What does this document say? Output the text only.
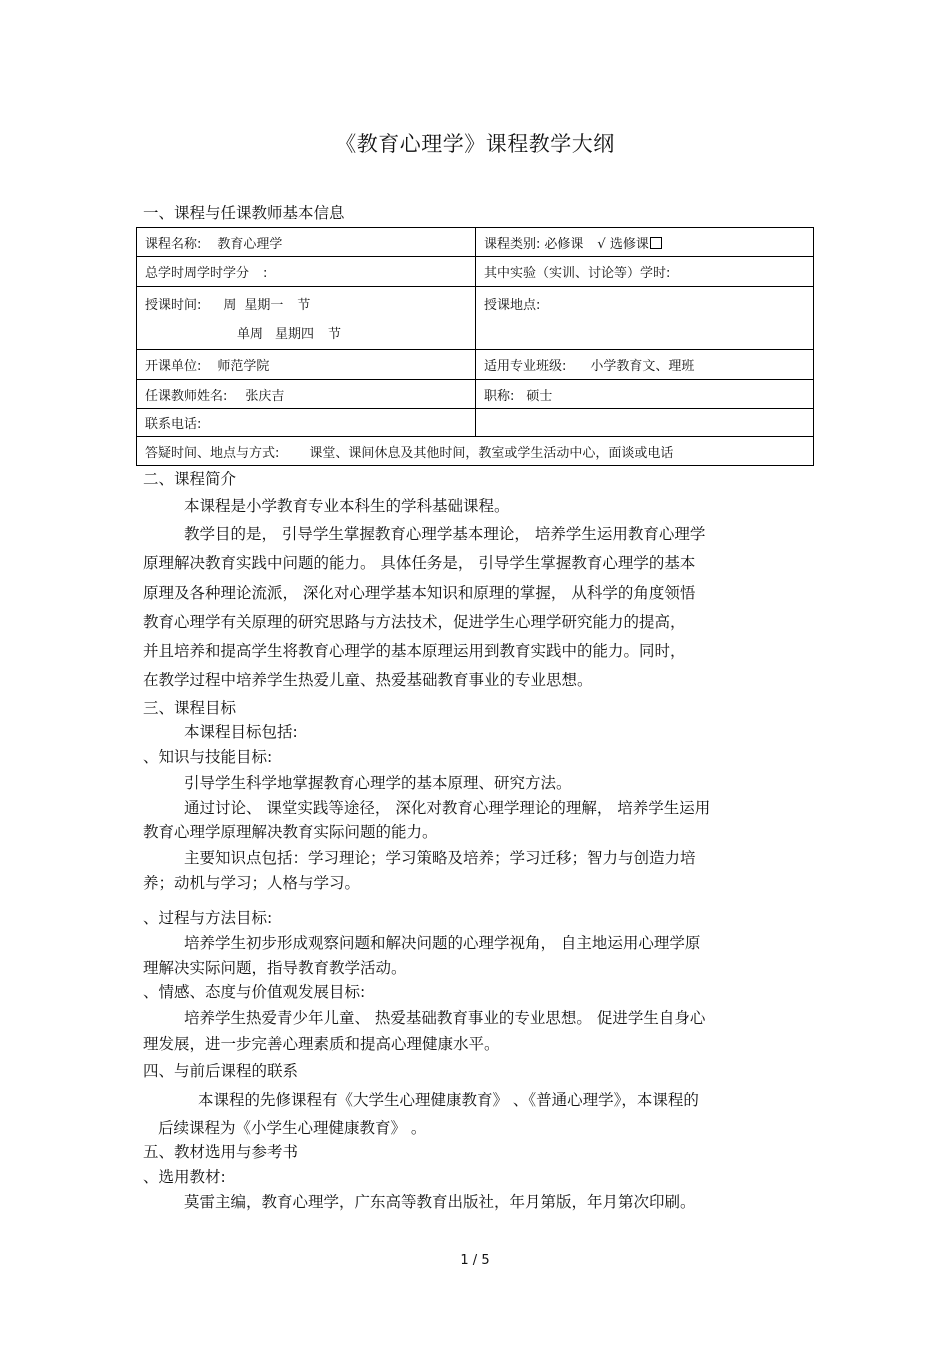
《教育心理学》课程教学大纲
一、课程与任课教师基本信息
课程名称: 教育心理学	课程类别: 必修课 √ 选修课
总学时周学时学分 :	其中实验（实训、讨论等）学时:

授课时间: 周 星期一 节
单周 星期四 节	授课地点:
开课单位: 师范学院	适用专业班级: 小学教育文、理班
任课教师姓名: 张庆吉	职称: 硕士
联系电话:	
答疑时间、地点与方式: 课堂、课间休息及其他时间，教室或学生活动中心，面谈或电话	
二、课程简介
本课程是小学教育专业本科生的学科基础课程。
教学目的是， 引导学生掌握教育心理学基本理论， 培养学生运用教育心理学
原理解决教育实践中问题的能力。 具体任务是， 引导学生掌握教育心理学的基本
原理及各种理论流派， 深化对心理学基本知识和原理的掌握， 从科学的角度领悟
教育心理学有关原理的研究思路与方法技术，促进学生心理学研究能力的提高，
并且培养和提高学生将教育心理学的基本原理运用到教育实践中的能力。同时，
在教学过程中培养学生热爱儿童、热爱基础教育事业的专业思想。
三、课程目标
本课程目标包括:
、知识与技能目标:
引导学生科学地掌握教育心理学的基本原理、研究方法。
通过讨论、 课堂实践等途径， 深化对教育心理学理论的理解， 培养学生运用
教育心理学原理解决教育实际问题的能力。
主要知识点包括：学习理论；学习策略及培养；学习迁移；智力与创造力培
养；动机与学习；人格与学习。
、过程与方法目标:
培养学生初步形成观察问题和解决问题的心理学视角， 自主地运用心理学原
理解决实际问题，指导教育教学活动。
、情感、态度与价值观发展目标:
培养学生热爱青少年儿童、 热爱基础教育事业的专业思想。 促进学生自身心
理发展，进一步完善心理素质和提高心理健康水平。
四、与前后课程的联系
本课程的先修课程有《大学生心理健康教育》 、《普通心理学》，本课程的
后续课程为《小学生心理健康教育》 。
五、教材选用与参考书
、选用教材:
莫雷主编，教育心理学，广东高等教育出版社，年月第版，年月第次印刷。
1 / 5
